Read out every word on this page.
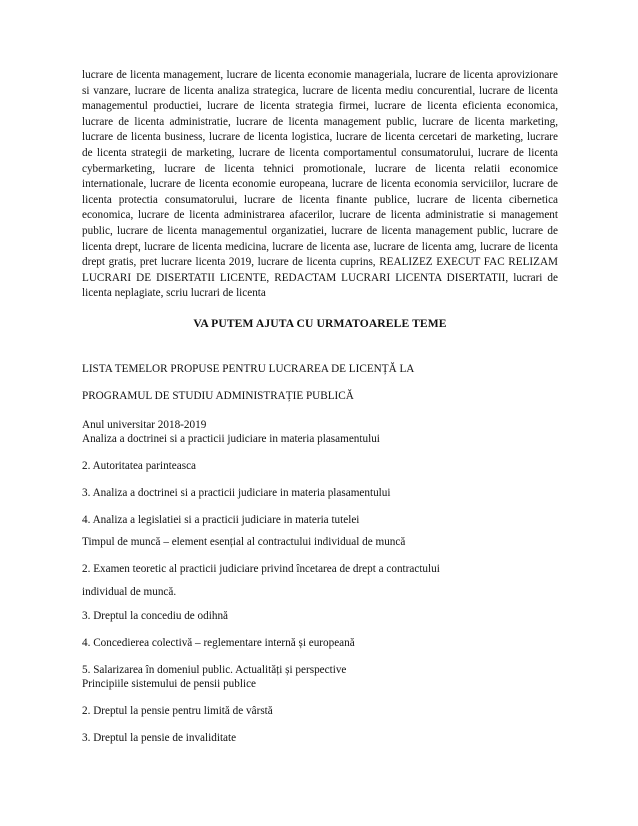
lucrare de licenta management, lucrare de licenta economie manageriala, lucrare de licenta aprovizionare
si vanzare, lucrare de licenta analiza strategica, lucrare de licenta mediu concurential, lucrare de licenta
managementul productiei, lucrare de licenta strategia firmei, lucrare de licenta eficienta economica,
lucrare de licenta administratie, lucrare de licenta management public, lucrare de licenta marketing,
lucrare de licenta business, lucrare de licenta logistica, lucrare de licenta cercetari de marketing, lucrare
de licenta strategii de marketing, lucrare de licenta comportamentul consumatorului, lucrare de licenta
cybermarketing, lucrare de licenta tehnici promotionale, lucrare de licenta relatii economice
internationale, lucrare de licenta economie europeana, lucrare de licenta economia serviciilor, lucrare de
licenta protectia consumatorului, lucrare de licenta finante publice, lucrare de licenta cibernetica
economica, lucrare de licenta administrarea afacerilor, lucrare de licenta administratie si management
public, lucrare de licenta managementul organizatiei, lucrare de licenta management public, lucrare de
licenta drept, lucrare de licenta medicina, lucrare de licenta ase, lucrare de licenta amg, lucrare de licenta
drept gratis, pret lucrare licenta 2019, lucrare de licenta cuprins, REALIZEZ EXECUT FAC RELIZAM
LUCRARI DE DISERTATII LICENTE, REDACTAM LUCRARI LICENTA DISERTATII, lucrari de
licenta neplagiate, scriu lucrari de licenta

VA PUTEM AJUTA CU URMATOARELE TEME

LISTA TEMELOR PROPUSE PENTRU LUCRAREA DE LICENȚĂ LA

PROGRAMUL DE STUDIU ADMINISTRAȚIE PUBLICĂ

Anul universitar 2018-2019

Analiza a doctrinei si a practicii judiciare in materia plasamentului

2. Autoritatea parinteasca

3. Analiza a doctrinei si a practicii judiciare in materia plasamentului

4. Analiza a legislatiei si a practicii judiciare in materia tutelei

Timpul de muncă – element esențial al contractului individual de muncă

2. Examen teoretic al practicii judiciare privind încetarea de drept a contractului

individual de muncă.

3. Dreptul la concediu de odihnă

4. Concedierea colectivă – reglementare internă și europeană

5. Salarizarea în domeniul public. Actualități și perspective

Principiile sistemului de pensii publice

2. Dreptul la pensie pentru limită de vârstă

3. Dreptul la pensie de invaliditate
